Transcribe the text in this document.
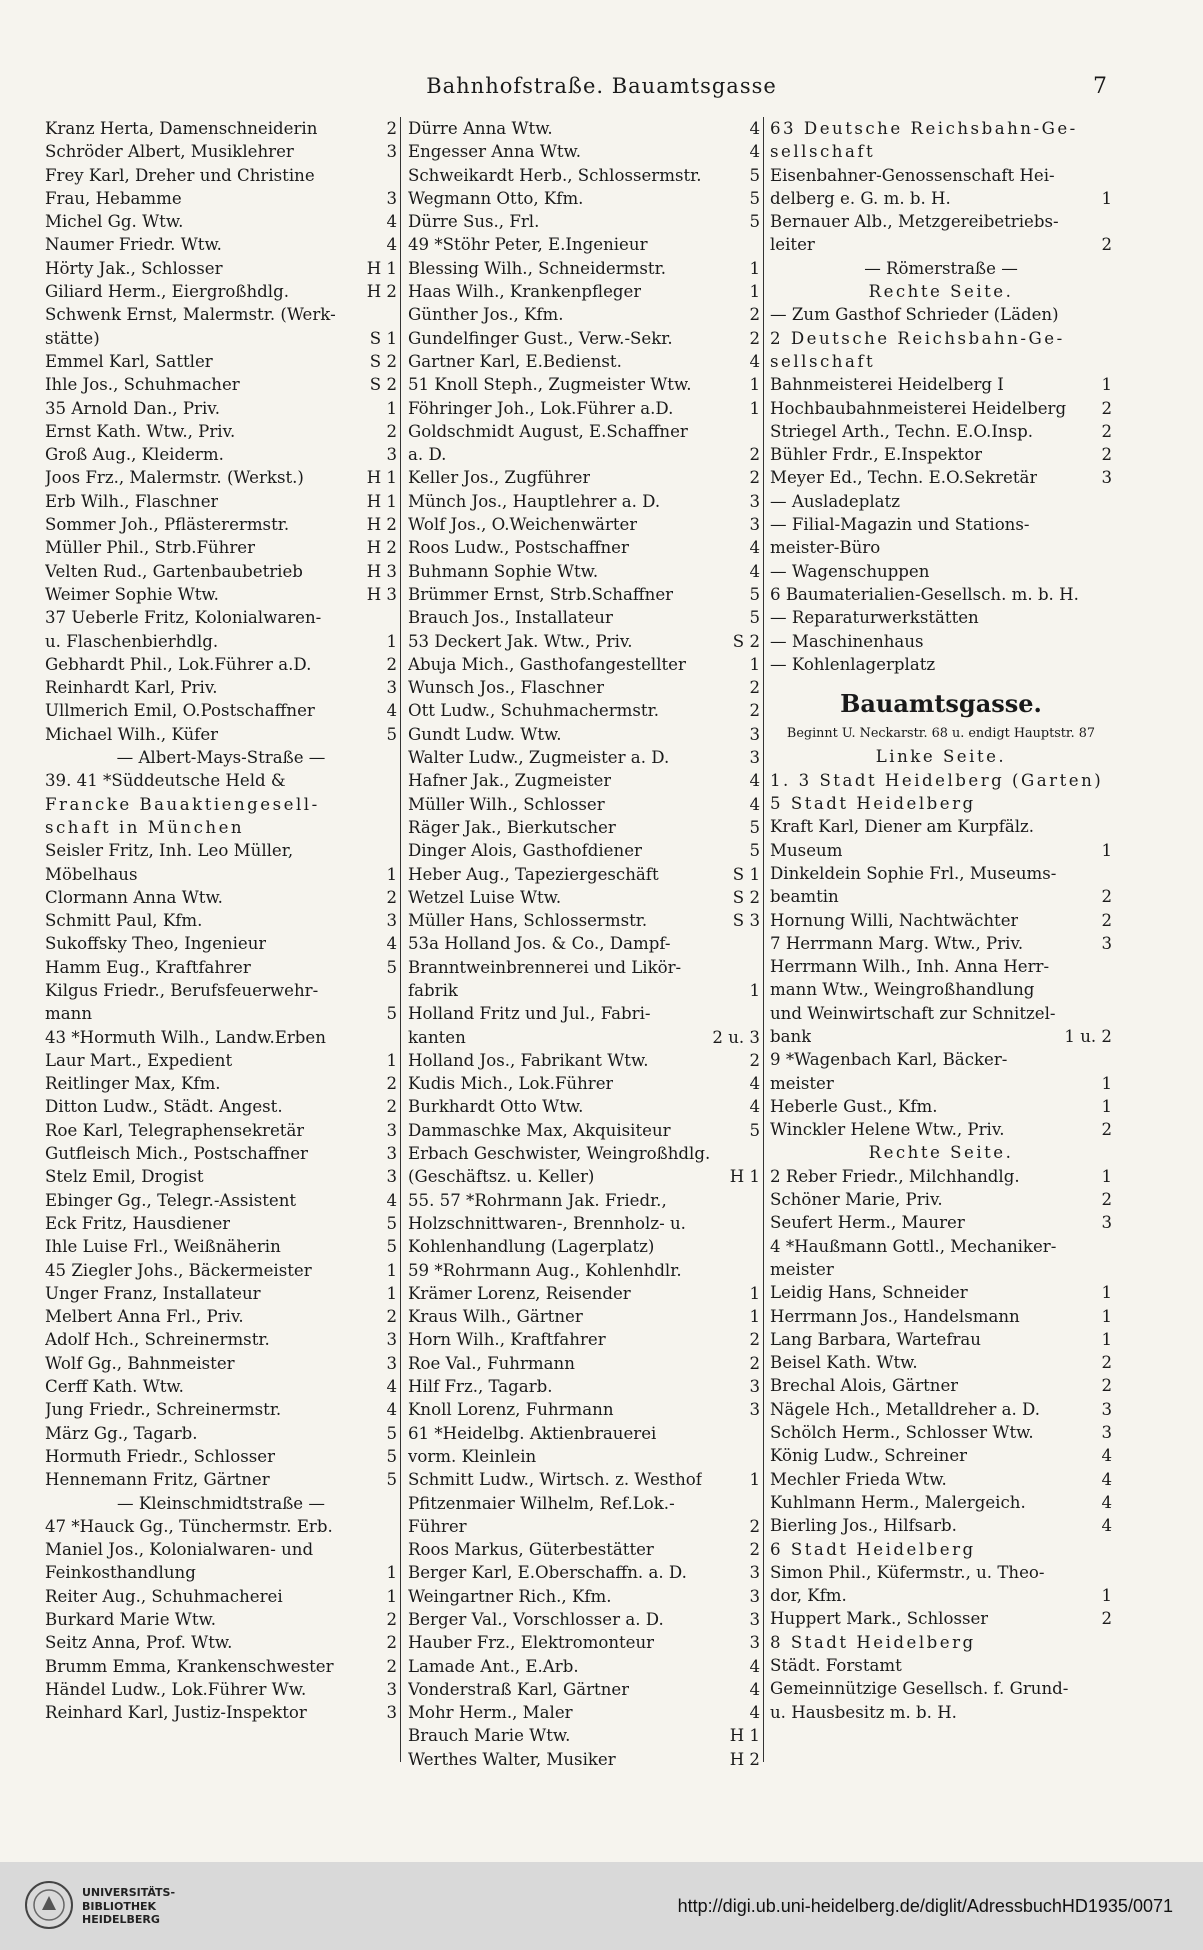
Bahnhofstraße. Bauamtsgasse	7
Kranz Herta, Damenschneiderin	2
Schröder Albert, Musiklehrer	3
Frey Karl, Dreher und Christine
Frau, Hebamme	3
Michel Gg. Wtw.	4
Naumer Friedr. Wtw.	4
Hörty Jak., Schlosser	H 1
Giliard Herm., Eiergroßhdlg.	H 2
Schwenk Ernst, Malermstr. (Werk-
stätte)	S 1
Emmel Karl, Sattler	S 2
Ihle Jos., Schuhmacher	S 2
35 Arnold Dan., Priv.	1
Ernst Kath. Wtw., Priv.	2
Groß Aug., Kleiderm.	3
Joos Frz., Malermstr. (Werkst.)	H 1
Erb Wilh., Flaschner	H 1
Sommer Joh., Pflästerermstr.	H 2
Müller Phil., Strb.Führer	H 2
Velten Rud., Gartenbaubetrieb	H 3
Weimer Sophie Wtw.	H 3
37 Ueberle Fritz, Kolonialwaren-
u. Flaschenbierhdlg.	1
Gebhardt Phil., Lok.Führer a.D.	2
Reinhardt Karl, Priv.	3
Ullmerich Emil, O.Postschaffner	4
Michael Wilh., Küfer	5
— Albert-Mays-Straße —
39. 41 *Süddeutsche Held &
Francke Bauaktiengesell-
schaft in München
Seisler Fritz, Inh. Leo Müller,
Möbelhaus	1
Clormann Anna Wtw.	2
Schmitt Paul, Kfm.	3
Sukoffsky Theo, Ingenieur	4
Hamm Eug., Kraftfahrer	5
Kilgus Friedr., Berufsfeuerwehr-
mann	5
43 *Hormuth Wilh., Landw.Erben
Laur Mart., Expedient	1
Reitlinger Max, Kfm.	2
Ditton Ludw., Städt. Angest.	2
Roe Karl, Telegraphensekretär	3
Gutfleisch Mich., Postschaffner	3
Stelz Emil, Drogist	3
Ebinger Gg., Telegr.-Assistent	4
Eck Fritz, Hausdiener	5
Ihle Luise Frl., Weißnäherin	5
45 Ziegler Johs., Bäckermeister	1
Unger Franz, Installateur	1
Melbert Anna Frl., Priv.	2
Adolf Hch., Schreinermstr.	3
Wolf Gg., Bahnmeister	3
Cerff Kath. Wtw.	4
Jung Friedr., Schreinermstr.	4
März Gg., Tagarb.	5
Hormuth Friedr., Schlosser	5
Hennemann Fritz, Gärtner	5
— Kleinschmidtstraße —
47 *Hauck Gg., Tünchermstr. Erb.
Maniel Jos., Kolonialwaren- und
Feinkosthandlung	1
Reiter Aug., Schuhmacherei	1
Burkard Marie Wtw.	2
Seitz Anna, Prof. Wtw.	2
Brumm Emma, Krankenschwester	2
Händel Ludw., Lok.Führer Ww.	3
Reinhard Karl, Justiz-Inspektor	3
Dürre Anna Wtw.	4
Engesser Anna Wtw.	4
Schweikardt Herb., Schlossermstr.	5
Wegmann Otto, Kfm.	5
Dürre Sus., Frl.	5
49 *Stöhr Peter, E.Ingenieur
Blessing Wilh., Schneidermstr.	1
Haas Wilh., Krankenpfleger	1
Günther Jos., Kfm.	2
Gundelfinger Gust., Verw.-Sekr.	2
Gartner Karl, E.Bedienst.	4
51 Knoll Steph., Zugmeister Wtw.	1
Föhringer Joh., Lok.Führer a.D.	1
Goldschmidt August, E.Schaffner
a. D.	2
Keller Jos., Zugführer	2
Münch Jos., Hauptlehrer a. D.	3
Wolf Jos., O.Weichenwärter	3
Roos Ludw., Postschaffner	4
Buhmann Sophie Wtw.	4
Brümmer Ernst, Strb.Schaffner	5
Brauch Jos., Installateur	5
53 Deckert Jak. Wtw., Priv.	S 2
Abuja Mich., Gasthofangestellter	1
Wunsch Jos., Flaschner	2
Ott Ludw., Schuhmachermstr.	2
Gundt Ludw. Wtw.	3
Walter Ludw., Zugmeister a. D.	3
Hafner Jak., Zugmeister	4
Müller Wilh., Schlosser	4
Räger Jak., Bierkutscher	5
Dinger Alois, Gasthofdiener	5
Heber Aug., Tapeziergeschäft	S 1
Wetzel Luise Wtw.	S 2
Müller Hans, Schlossermstr.	S 3
53a Holland Jos. & Co., Dampf-
Branntweinbrennerei und Likör-
fabrik	1
Holland Fritz und Jul., Fabri-
kanten	2 u. 3
Holland Jos., Fabrikant Wtw.	2
Kudis Mich., Lok.Führer	4
Burkhardt Otto Wtw.	4
Dammaschke Max, Akquisiteur	5
Erbach Geschwister, Weingroßhdlg.
(Geschäftsz. u. Keller)	H 1
55. 57 *Rohrmann Jak. Friedr.,
Holzschnittwaren-, Brennholz- u.
Kohlenhandlung (Lagerplatz)
59 *Rohrmann Aug., Kohlenhdlr.
Krämer Lorenz, Reisender	1
Kraus Wilh., Gärtner	1
Horn Wilh., Kraftfahrer	2
Roe Val., Fuhrmann	2
Hilf Frz., Tagarb.	3
Knoll Lorenz, Fuhrmann	3
61 *Heidelbg. Aktienbrauerei
vorm. Kleinlein
Schmitt Ludw., Wirtsch. z. Westhof	1
Pfitzenmaier Wilhelm, Ref.Lok.-
Führer	2
Roos Markus, Güterbestätter	2
Berger Karl, E.Oberschaffn. a. D.	3
Weingartner Rich., Kfm.	3
Berger Val., Vorschlosser a. D.	3
Hauber Frz., Elektromonteur	3
Lamade Ant., E.Arb.	4
Vonderstraß Karl, Gärtner	4
Mohr Herm., Maler	4
Brauch Marie Wtw.	H 1
Werthes Walter, Musiker	H 2
63 Deutsche Reichsbahn-Ge-
sellschaft
Eisenbahner-Genossenschaft Hei-
delberg e. G. m. b. H.	1
Bernauer Alb., Metzgereibetriebs-
leiter	2
— Römerstraße —
Rechte Seite.
— Zum Gasthof Schrieder (Läden)
2 Deutsche Reichsbahn-Ge-
sellschaft
Bahnmeisterei Heidelberg I	1
Hochbaubahnmeisterei Heidelberg 2
Striegel Arth., Techn. E.O.Insp.	2
Bühler Frdr., E.Inspektor	2
Meyer Ed., Techn. E.O.Sekretär	3
— Ausladeplatz
— Filial-Magazin und Stations-
meister-Büro
— Wagenschuppen
6 Baumaterialien-Gesellsch. m. b. H.
— Reparaturwerkstätten
— Maschinenhaus
— Kohlenlagerplatz
Bauamtsgasse.
Beginnt U. Neckarstr. 68 u. endigt Hauptstr. 87
Linke Seite.
1. 3 Stadt Heidelberg (Garten)
5 Stadt Heidelberg
Kraft Karl, Diener am Kurpfälz.
Museum	1
Dinkeldein Sophie Frl., Museums-
beamtin	2
Hornung Willi, Nachtwächter	2
7 Herrmann Marg. Wtw., Priv.	3
Herrmann Wilh., Inh. Anna Herr-
mann Wtw., Weingroßhandlung
und Weinwirtschaft zur Schnitzel-
bank	1 u. 2
9 *Wagenbach Karl, Bäcker-
meister	1
Heberle Gust., Kfm.	1
Winckler Helene Wtw., Priv.	2
Rechte Seite.
2 Reber Friedr., Milchhandlg.	1
Schöner Marie, Priv.	2
Seufert Herm., Maurer	3
4 *Haußmann Gottl., Mechaniker-
meister
Leidig Hans, Schneider	1
Herrmann Jos., Handelsmann	1
Lang Barbara, Wartefrau	1
Beisel Kath. Wtw.	2
Brechal Alois, Gärtner	2
Nägele Hch., Metalldreher a. D.	3
Schölch Herm., Schlosser Wtw.	3
König Ludw., Schreiner	4
Mechler Frieda Wtw.	4
Kuhlmann Herm., Malergeich.	4
Bierling Jos., Hilfsarb.	4
6 Stadt Heidelberg
Simon Phil., Küfermstr., u. Theo-
dor, Kfm.	1
Huppert Mark., Schlosser	2
8 Stadt Heidelberg
Städt. Forstamt
Gemeinnützige Gesellsch. f. Grund-
u. Hausbesitz m. b. H.
UNIVERSITÄTS-
BIBLIOTHEK
HEIDELBERG
http://digi.ub.uni-heidelberg.de/diglit/AdressbuchHD1935/0071
